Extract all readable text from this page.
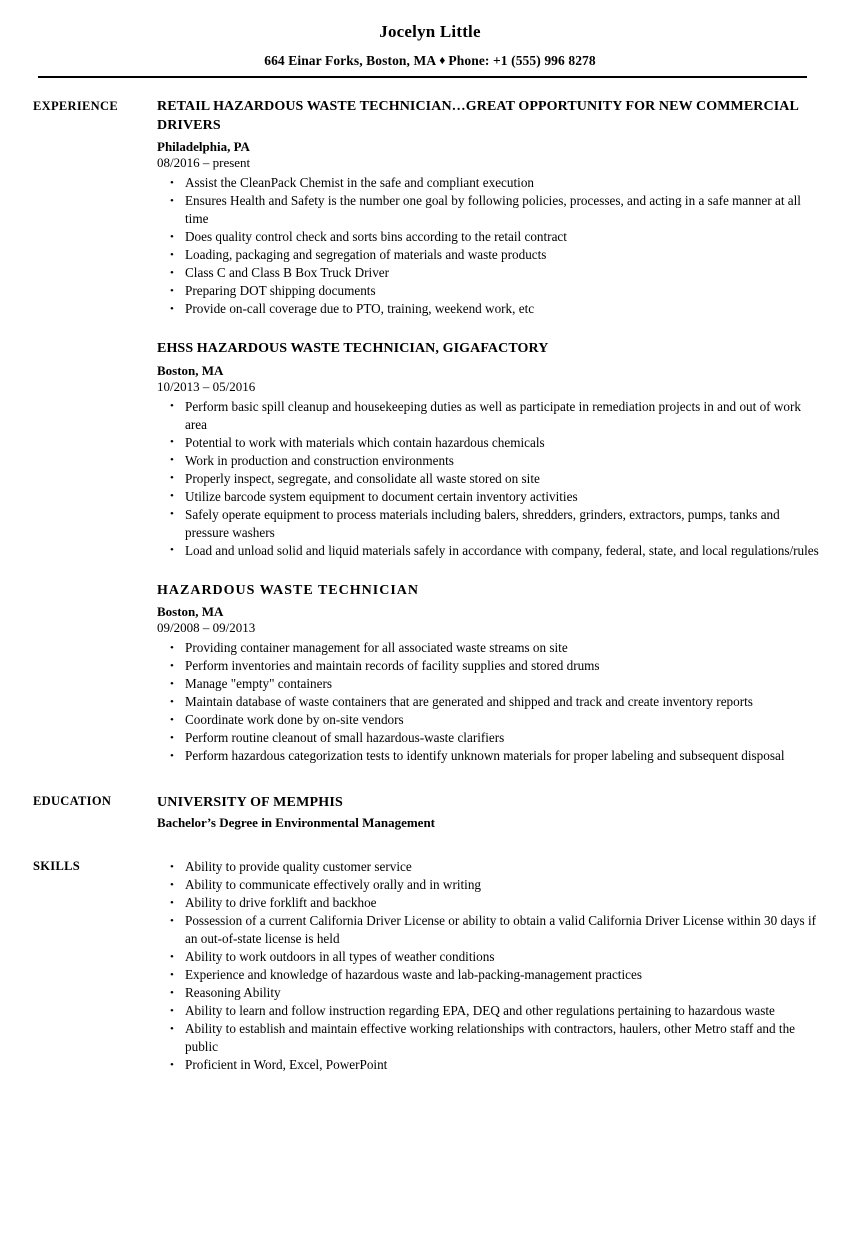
Jocelyn Little
664 Einar Forks, Boston, MA ♦ Phone: +1 (555) 996 8278
EXPERIENCE	RETAIL HAZARDOUS WASTE TECHNICIAN…GREAT OPPORTUNITY FOR NEW COMMERCIAL DRIVERS
Philadelphia, PA
08/2016 – present
• Assist the CleanPack Chemist in the safe and compliant execution
• Ensures Health and Safety is the number one goal by following policies, processes, and acting in a safe manner at all time
• Does quality control check and sorts bins according to the retail contract
• Loading, packaging and segregation of materials and waste products
• Class C and Class B Box Truck Driver
• Preparing DOT shipping documents
• Provide on-call coverage due to PTO, training, weekend work, etc
EHSS HAZARDOUS WASTE TECHNICIAN, GIGAFACTORY
Boston, MA
10/2013 – 05/2016
• Perform basic spill cleanup and housekeeping duties as well as participate in remediation projects in and out of work area
• Potential to work with materials which contain hazardous chemicals
• Work in production and construction environments
• Properly inspect, segregate, and consolidate all waste stored on site
• Utilize barcode system equipment to document certain inventory activities
• Safely operate equipment to process materials including balers, shredders, grinders, extractors, pumps, tanks and pressure washers
• Load and unload solid and liquid materials safely in accordance with company, federal, state, and local regulations/rules
HAZARDOUS WASTE TECHNICIAN
Boston, MA
09/2008 – 09/2013
• Providing container management for all associated waste streams on site
• Perform inventories and maintain records of facility supplies and stored drums
• Manage "empty" containers
• Maintain database of waste containers that are generated and shipped and track and create inventory reports
• Coordinate work done by on-site vendors
• Perform routine cleanout of small hazardous-waste clarifiers
• Perform hazardous categorization tests to identify unknown materials for proper labeling and subsequent disposal
EDUCATION	UNIVERSITY OF MEMPHIS
Bachelor’s Degree in Environmental Management
SKILLS	• Ability to provide quality customer service
• Ability to communicate effectively orally and in writing
• Ability to drive forklift and backhoe
• Possession of a current California Driver License or ability to obtain a valid California Driver License within 30 days if an out-of-state license is held
• Ability to work outdoors in all types of weather conditions
• Experience and knowledge of hazardous waste and lab-packing-management practices
• Reasoning Ability
• Ability to learn and follow instruction regarding EPA, DEQ and other regulations pertaining to hazardous waste
• Ability to establish and maintain effective working relationships with contractors, haulers, other Metro staff and the public
• Proficient in Word, Excel, PowerPoint
